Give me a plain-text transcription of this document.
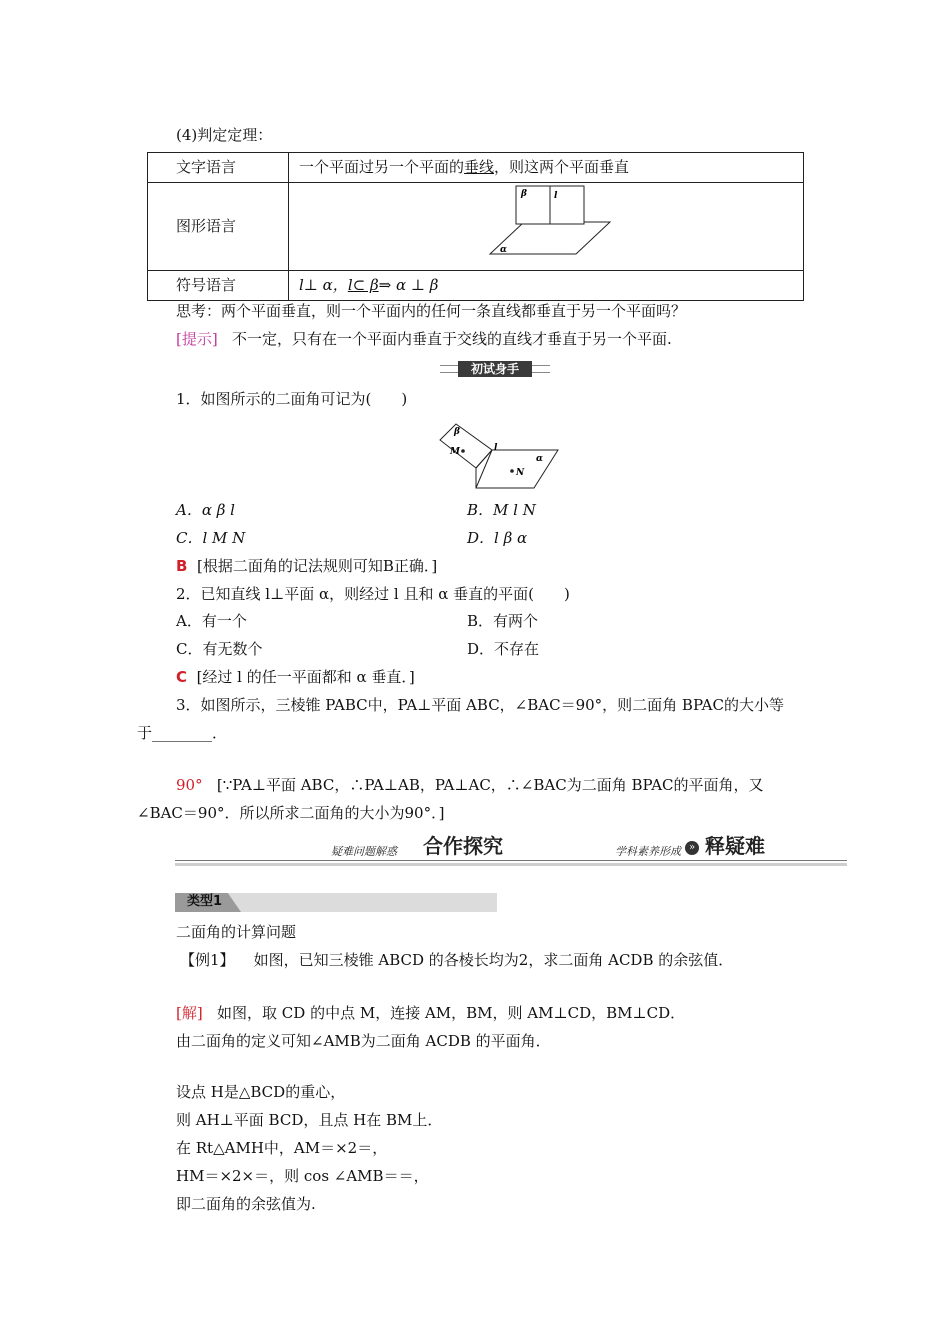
(4)判定定理：
文字语言	一个平面过另一个平面的垂线，则这两个平面垂直
图形语言	
符号语言	l⊥ α，l⊂ β⇒ α ⊥ β
β	l
α
思考：两个平面垂直，则一个平面内的任何一条直线都垂直于另一个平面吗？
[提示] 不一定，只有在一个平面内垂直于交线的直线才垂直于另一个平面.
初试身手
1．如图所示的二面角可记为(　　)
β
M	l
α
N
A．α β l	B．M l N
C．l M N	D．l β α
B [根据二面角的记法规则可知B正确．]
2．已知直线 l⊥平面 α，则经过 l 且和 α 垂直的平面(　　)
A．有一个	B．有两个
C．有无数个	D．不存在
C [经过 l 的任一平面都和 α 垂直．]
3．如图所示，三棱锥 PABC中，PA⊥平面 ABC，∠BAC＝90°，则二面角 BPAC的大小等
于________．
90° [∵PA⊥平面 ABC，∴PA⊥AB，PA⊥AC，∴∠BAC为二面角 BPAC的平面角，又
∠BAC＝90°．所以所求二面角的大小为90°．]
疑难问题解惑 合作探究	» 释疑难
学科素养形成
类型1
二面角的计算问题
【例1】 如图，已知三棱锥 ABCD 的各棱长均为2，求二面角 ACDB 的余弦值．
[解] 如图，取 CD 的中点 M，连接 AM，BM，则 AM⊥CD，BM⊥CD．
由二面角的定义可知∠AMB为二面角 ACDB 的平面角．
设点 H是△BCD的重心，
则 AH⊥平面 BCD，且点 H在 BM上．
在 Rt△AMH中，AM＝×2＝，
HM＝×2×＝，则 cos ∠AMB＝＝，
即二面角的余弦值为.
